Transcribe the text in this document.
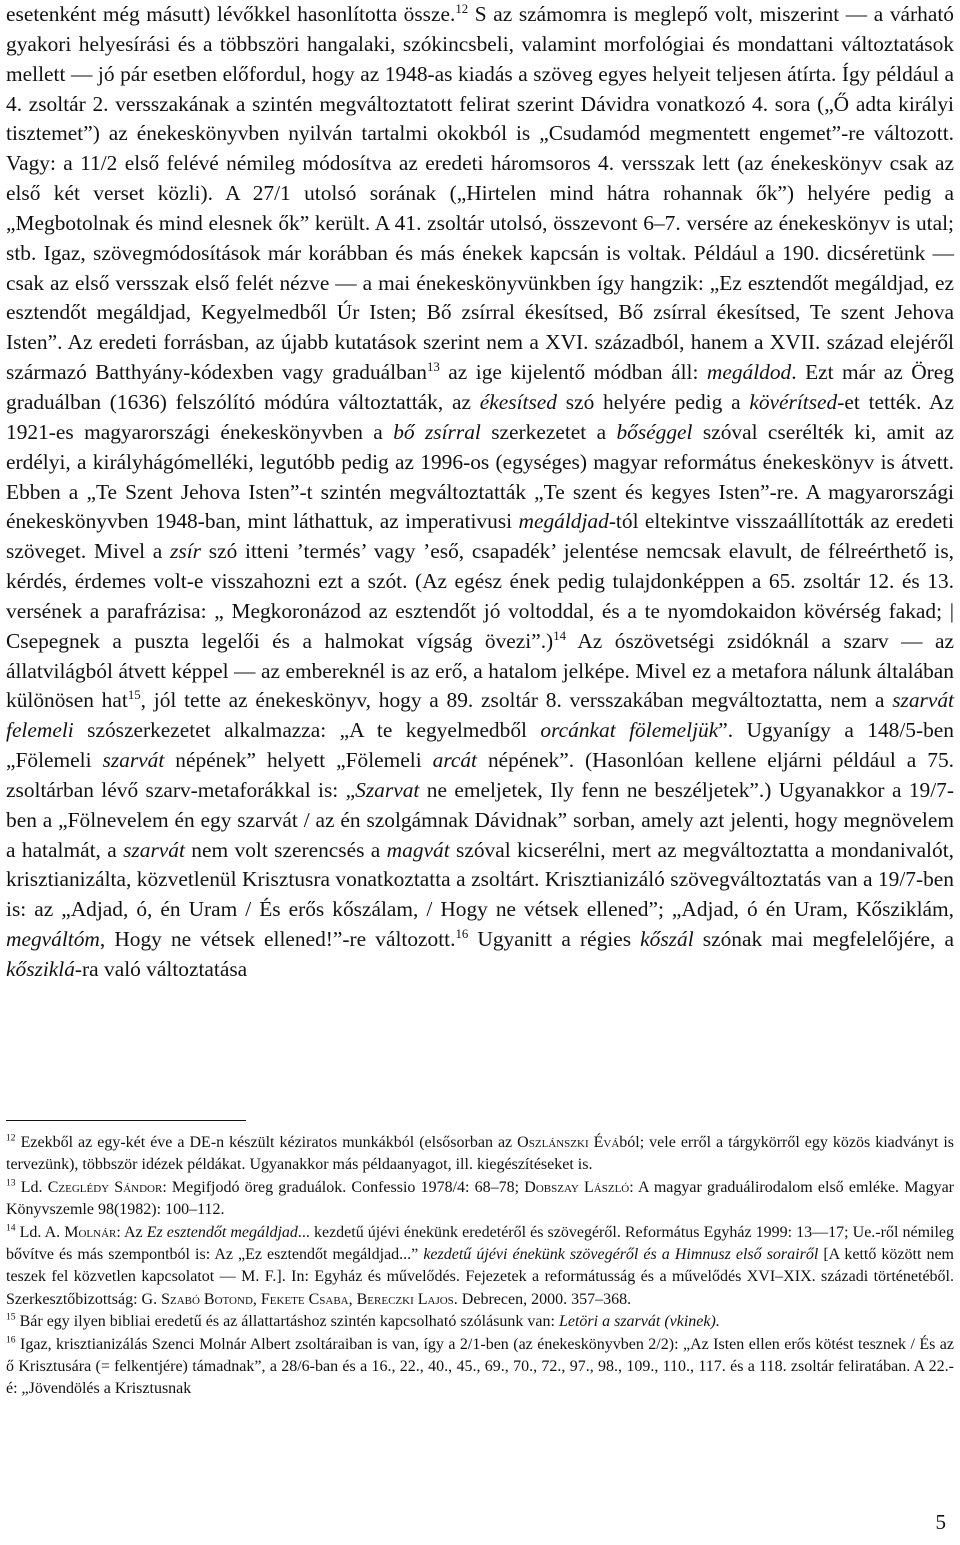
esetenként még másutt) lévőkkel hasonlította össze.$^{12}$ S az számomra is meglepő volt, miszerint ― a várható gyakori helyesírási és a többszöri hangalaki, szókincsbeli, valamint morfológiai és mondattani változtatások mellett ― jó pár esetben előfordul, hogy az 1948-as kiadás a szöveg egyes helyeit teljesen átírta. Így például a 4. zsoltár 2. versszakának a szintén megváltoztatott felirat szerint Dávidra vonatkozó 4. sora („Ő adta királyi tisztemet”) az énekeskönyvben nyilván tartalmi okokból is „Csudamód megmentett engemet”-re változott. Vagy: a 11/2 első felévé némileg módosítva az eredeti háromsoros 4. versszak lett (az énekeskönyv csak az első két verset közli). A 27/1 utolsó sorának („Hirtelen mind hátra rohannak ők”) helyére pedig a „Megbotolnak és mind elesnek ők” került. A 41. zsoltár utolsó, összevont 6–7. versére az énekeskönyv is utal; stb. Igaz, szövegmódosítások már korábban és más énekek kapcsán is voltak. Például a 190. dicséretünk ― csak az első versszak első felét nézve ― a mai énekeskönyvünkben így hangzik: „Ez esztendőt megáldjad, ez esztendőt megáldjad, Kegyelmedből Úr Isten; Bő zsírral ékesítsed, Bő zsírral ékesítsed, Te szent Jehova Isten”. Az eredeti forrásban, az újabb kutatások szerint nem a XVI. századból, hanem a XVII. század elejéről származó Batthyány-kódexben vagy graduálban$^{13}$ az ige kijelentő módban áll: megáldod. Ezt már az Öreg graduálban (1636) felszólító módúra változtatták, az ékesítsed szó helyére pedig a kövérítsed-et tették. Az 1921-es magyarországi énekeskönyvben a bő zsírral szerkezetet a bőséggel szóval cserélték ki, amit az erdélyi, a királyhágómelléki, legutóbb pedig az 1996-os (egységes) magyar református énekeskönyv is átvett. Ebben a „Te Szent Jehova Isten”-t szintén megváltoztatták „Te szent és kegyes Isten”-re. A magyarországi énekeskönyvben 1948-ban, mint láthattuk, az imperativusi megáldjad-tól eltekintve visszaállították az eredeti szöveget. Mivel a zsír szó itteni ’termés’ vagy ’eső, csapadék’ jelentése nemcsak elavult, de félreérthető is, kérdés, érdemes volt-e visszahozni ezt a szót. (Az egész ének pedig tulajdonképpen a 65. zsoltár 12. és 13. versének a parafrázisa: „ Megkoronázod az esztendőt jó voltoddal, és a te nyomdokaidon kövérség fakad; | Csepegnek a puszta legelői és a halmokat vígság övezi”.)$^{14}$ Az ószövetségi zsidóknál a szarv ― az állatvilágból átvett képpel ― az embereknél is az erő, a hatalom jelképe. Mivel ez a metafora nálunk általában különösen hat$^{15}$, jól tette az énekeskönyv, hogy a 89. zsoltár 8. versszakában megváltoztatta, nem a szarvát felemeli szószerkezetet alkalmazza: „A te kegyelmedből orcánkat fölemeljük”. Ugyanígy a 148/5-ben „Fölemeli szarvát népének” helyett „Fölemeli arcát népének”. (Hasonlóan kellene eljárni például a 75. zsoltárban lévő szarv-metaforákkal is: „Szarvat ne emeljetek, Ily fenn ne beszéljetek”.) Ugyanakkor a 19/7-ben a „Fölnevelem én egy szarvát / az én szolgámnak Dávidnak” sorban, amely azt jelenti, hogy megnövelem a hatalmát, a szarvát nem volt szerencsés a magvát szóval kicserélni, mert az megváltoztatta a mondanivalót, krisztianizálta, közvetlenül Krisztusra vonatkoztatta a zsoltárt. Krisztianizáló szövegváltoztatás van a 19/7-ben is: az „Adjad, ó, én Uram / És erős kőszálam, / Hogy ne vétsek ellened”; „Adjad, ó én Uram, Kősziklám, megváltóm, Hogy ne vétsek ellened!”-re változott.$^{16}$ Ugyanitt a régies kőszál szónak mai megfelelőjére, a kősziklá-ra való változtatása

$^{12}$ Ezekből az egy-két éve a DE-n készült kéziratos munkákból (elsősorban az Oszlánszki Évából; vele erről a tárgykörről egy közös kiadványt is tervezünk), többször idézek példákat. Ugyanakkor más példaanyagot, ill. kiegészítéseket is.

$^{13}$ Ld. Czeglédy Sándor: Megifjodó öreg graduálok. Confessio 1978/4: 68–78; Dobszay László: A magyar graduálirodalom első emléke. Magyar Könyvszemle 98(1982): 100–112.

$^{14}$ Ld. A. Molnár: Az Ez esztendőt megáldjad... kezdetű újévi énekünk eredetéről és szövegéről. Református Egyház 1999: 13―17; Ue.-ről némileg bővítve és más szempontból is: Az „Ez esztendőt megáldjad...” kezdetű újévi énekünk szövegéről és a Himnusz első sorairől [A kettő között nem teszek fel közvetlen kapcsolatot ― M. F.]. In: Egyház és művelődés. Fejezetek a reformátusság és a művelődés XVI–XIX. századi történetéből. Szerkesztőbizottság: G. Szabó Botond, Fekete Csaba, Bereczki Lajos. Debrecen, 2000. 357–368.

$^{15}$ Bár egy ilyen bibliai eredetű és az állattartáshoz szintén kapcsolható szólásunk van: Letöri a szarvát (vkinek).

$^{16}$ Igaz, krisztianizálás Szenci Molnár Albert zsoltáraiban is van, így a 2/1-ben (az énekeskönyvben 2/2): „Az Isten ellen erős kötést tesznek / És az ő Krisztusára (= felkentjére) támadnak”, a 28/6-ban és a 16., 22., 40., 45., 69., 70., 72., 97., 98., 109., 110., 117. és a 118. zsoltár feliratában. A 22.-é: „Jövendölés a Krisztusnak

5
